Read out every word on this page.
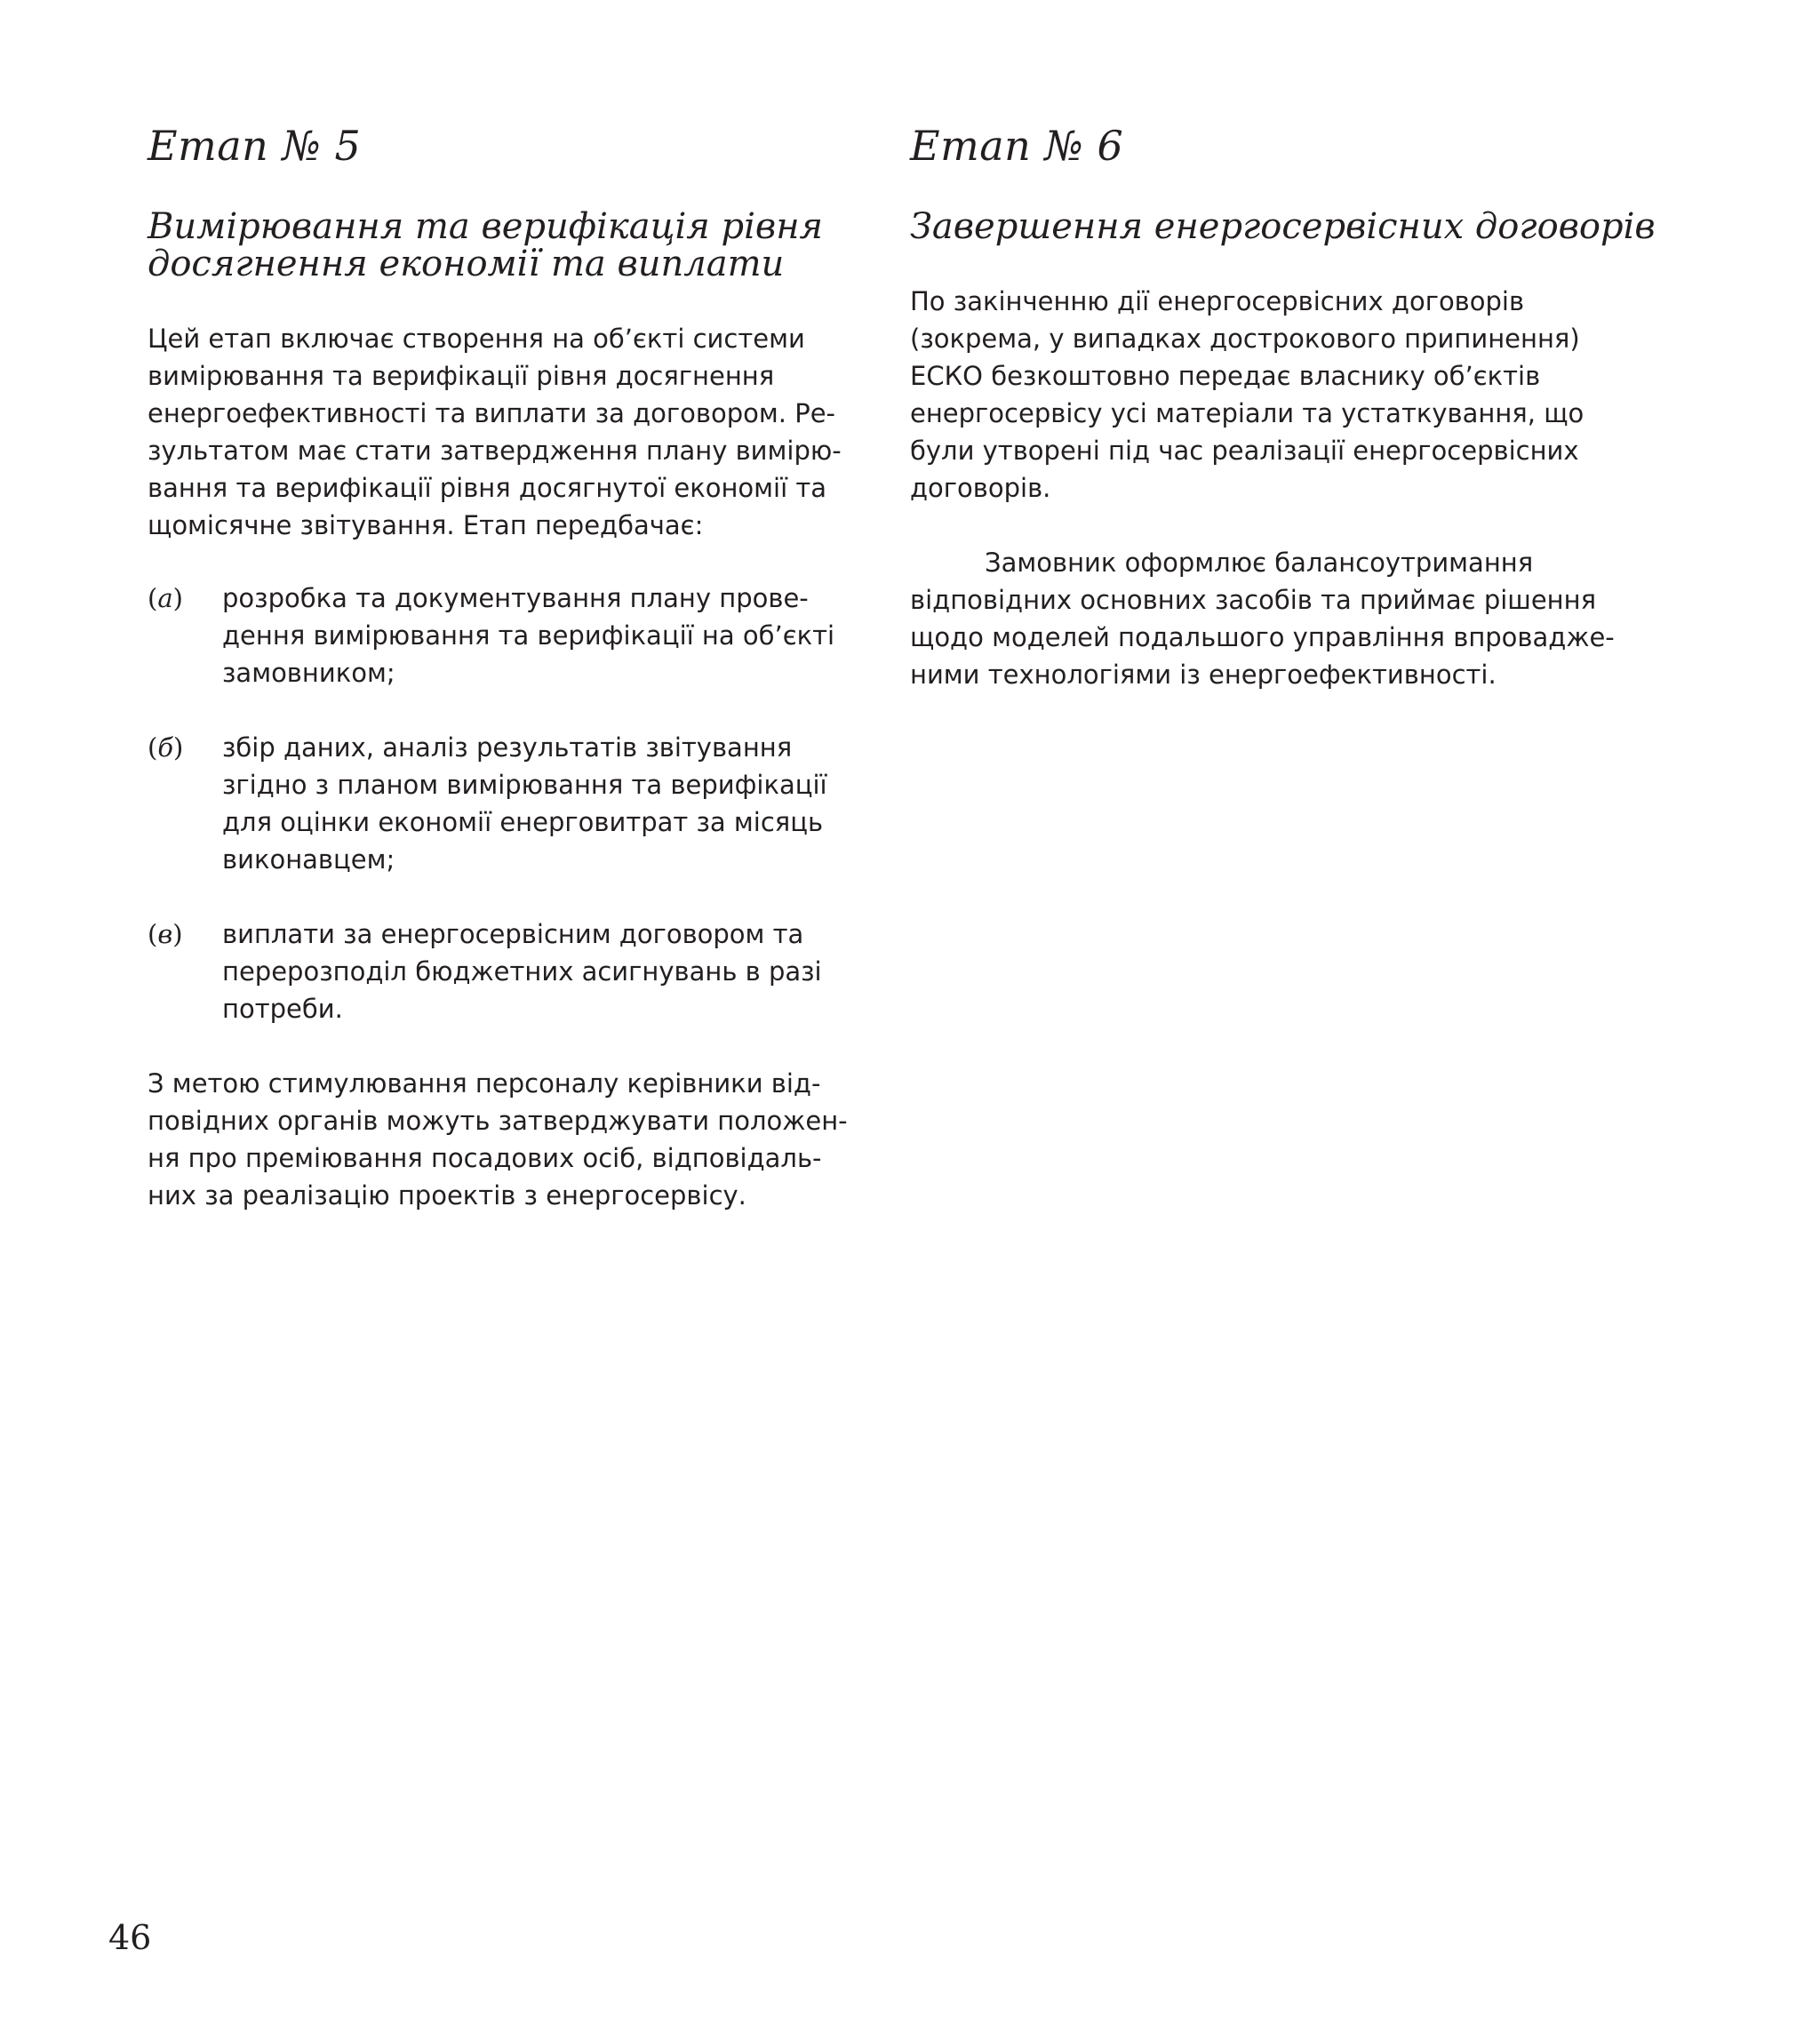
Етап № 5
Вимірювання та верифікація рівня
досягнення економії та виплати

Цей етап включає створення на об’єкті системи
вимірювання та верифікації рівня досягнення
енергоефективності та виплати за договором. Ре-
зультатом має стати затвердження плану вимірю-
вання та верифікації рівня досягнутої економії та
щомісячне звітування. Етап передбачає:

(а)	розробка та документування плану прове-
дення вимірювання та верифікації на об’єкті
замовником;
(б)	збір даних, аналіз результатів звітування
згідно з планом вимірювання та верифікації
для оцінки економії енерговитрат за місяць
виконавцем;
(в)	виплати за енергосервісним договором та
перерозподіл бюджетних асигнувань в разі
потреби.

З метою стимулювання персоналу керівники від-
повідних органів можуть затверджувати положен-
ня про преміювання посадових осіб, відповідаль-
них за реалізацію проектів з енергосервісу.

Етап № 6
Завершення енергосервісних договорів

По закінченню дії енергосервісних договорів
(зокрема, у випадках дострокового припинення)
ЕСКО безкоштовно передає власнику об’єктів
енергосервісу усі матеріали та устаткування, що
були утворені під час реалізації енергосервісних
договорів.

Замовник оформлює балансоутримання
відповідних основних засобів та приймає рішення
щодо моделей подальшого управління впроваджe-
ними технологіями із енергоефективності.

46
